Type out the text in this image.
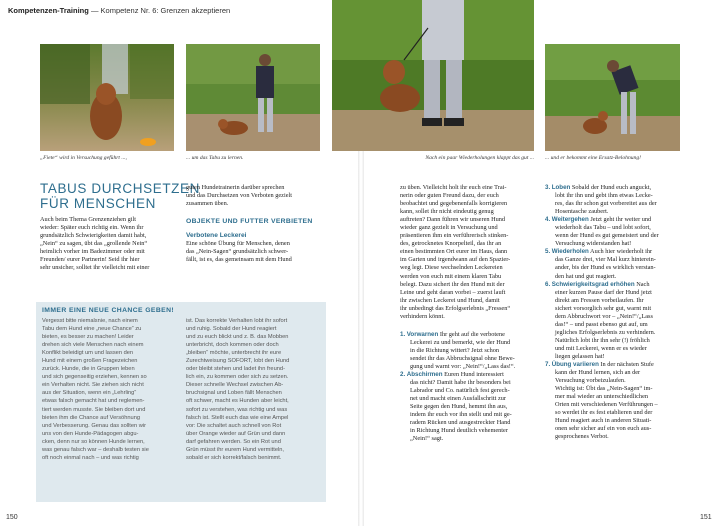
Kompetenzen-Training — Kompetenz Nr. 6: Grenzen akzeptieren
„Fiete“ wird in Versuchung geführt ...,	... um das Tabu zu lernen.	Nach ein paar Wiederholungen klappt das gut ... ... und er bekommt eine Ersatz-Belohnung!
TABUS DURCHSETZEN
FÜR MENSCHEN
Auch beim Thema Grenzenziehen gilt
wieder: Später euch richtig ein. Wenn ihr
grundsätzlich Schwierigkeiten damit habt,
„Nein“ zu sagen, übt das „grollende Nein“
heimlich vorher im Badezimmer oder mit
Freunden/ eurer Partnerin! Seid ihr hier
sehr unsicher, solltet ihr vielleicht mit einer
guten Hundetrainerin darüber sprechen
und das Durchsetzen von Verboten gezielt
zusammen üben.
OBJEKTE UND FUTTER VERBIETEN
Verbotene Leckerei
Eine schöne Übung für Menschen, denen
das „Nein-Sagen“ grundsätzlich schwer-
fällt, ist es, das gemeinsam mit dem Hund
IMMER EINE NEUE CHANCE GEBEN!
Vergesst bitte niemalsnie, nach einem
Tabu dem Hund eine „neue Chance“ zu
bieten, es besser zu machen! Leider
drehen sich viele Menschen nach einem
Konflikt beleidigt um und lassen den
Hund mit einem großen Fragezeichen
zurück. Hunde, die in Gruppen leben
und sich gegenseitig erziehen, kennen so
ein Verhalten nicht. Sie ziehen sich nicht
aus der Situation, wenn ein „Lehrling“
etwas falsch gemacht hat und reglemen-
tiert werden musste. Sie bleiben dort und
bieten ihm die Chance auf Versöhnung
und Verbesserung. Genau das sollten wir
uns von den Hunde-Pädagogen abgu-
cken, denn nur so können Hunde lernen,
was genau falsch war – deshalb testen sie
oft noch einmal nach – und was richtig
ist. Das korrekte Verhalten lobt ihr sofort
und ruhig. Sobald der Hund reagiert
und zu euch blickt und z. B. das Mobben
unterbricht, doch kommen oder doch
„bleiben“ möchte, unterbrecht ihr eure
Zurechtweisung SOFORT, lobt den Hund
oder bleibt stehen und ladet ihn freund-
lich ein, zu kommen oder sich zu setzen.
Dieser schnelle Wechsel zwischen Ab-
bruchsignal und Loben fällt Menschen
oft schwer, macht es Hunden aber leicht,
sofort zu verstehen, was richtig und was
falsch ist. Stellt euch das wie eine Ampel
vor: Die schaltet auch schnell von Rot
über Orange wieder auf Grün und dann
darf gefahren werden. So ein Rot und
Grün müsst ihr eurem Hund vermitteln,
sobald er sich korrekt/falsch benimmt.
zu üben. Vielleicht holt ihr euch eine Trai-
nerin oder guten Freund dazu, der euch
beobachtet und gegebenenfalls korrigieren
kann, sollet ihr nicht eindeutig genug
auftreten? Dann führen wir unseren Hund
wieder ganz gezielt in Versuchung und
präsentieren ihm ein verführerisch stinken-
des, getrocknetes Knorpelteil, das ihr an
einen bestimmten Ort eurer im Haus, dann
im Garten und irgendwann auf den Spazier-
weg legt. Diese wechselnden Leckereien
werden von euch mit einem klaren Tabu
belegt. Dazu sichert ihr den Hund mit der
Leine und geht daran vorbei – zuerst lauft
ihr zwischen Leckerei und Hund, damit
ihr unbedingt das Erfolgserlebnis „Fressen“
verhindern könnt.
1. Vorwarnen Ihr geht auf die verbotene
Leckerei zu und bemerkt, wie der Hund
in die Richtung wittert? Jetzt schon
sendet ihr das Abbruchsignal ohne Bewe-
gung und warnt vor: „Nein!“/„Lass das!“.
2. Abschirmen Euren Hund interessiert
das nicht? Damit habe ihr besonders bei
Labrador und Co. natürlich fest gerech-
net und macht einen Ausfallschritt zur
Seite gegen den Hund, hemmt ihn aus,
indem ihr euch vor ihn stellt und mit ge-
radem Rücken und ausgestreckter Hand
in Richtung Hund deutlich vehementer
„Nein!“ sagt.
3. Loben Sobald der Hund euch anguckt,
lobt ihr ihn und gebt ihm etwas Lecke-
res, das ihr schon gut vorbereitet aus der
Hosentasche zaubert.
4. Weitergehen Jetzt geht ihr weiter und
wiederholt das Tabu – und lobt sofort,
wenn der Hund es gut gemeistert und der
Versuchung widerstanden hat!
5. Wiederholen Auch hier wiederholt ihr
das Ganze drei, vier Mal kurz hinterein-
ander, bis der Hund es wirklich verstan-
den hat und gut reagiert.
6. Schwierigkeitsgrad erhöhen Nach
einer kurzen Pause darf der Hund jetzt
direkt am Fressen vorbeilaufen. Ihr
sichert vorsorglich sehr gut, warnt mit
dem Abbruchwort vor – „Nein!“/„Lass
das!“ – und passt ebenso gut auf, um
jegliches Erfolgserlebnis zu verhindern.
Natürlich lobt ihr ihn sehr (!) fröhlich
und mit Leckerei, wenn er es wieder
liegen gelassen hat!
7. Übung variieren In der nächsten Stufe
kann der Hund lernen, sich an der
Versuchung vorbeizulaufen.
Wichtig ist: Übt das „Nein-Sagen“ im-
mer mal wieder an unterschiedlichen
Orten mit verschiedenen Verführungen –
so werdet ihr es fest etablieren und der
Hund reagiert auch in anderen Situati-
onen sehr sicher auf ein von euch aus-
gesprochenes Verbot.
150	151
